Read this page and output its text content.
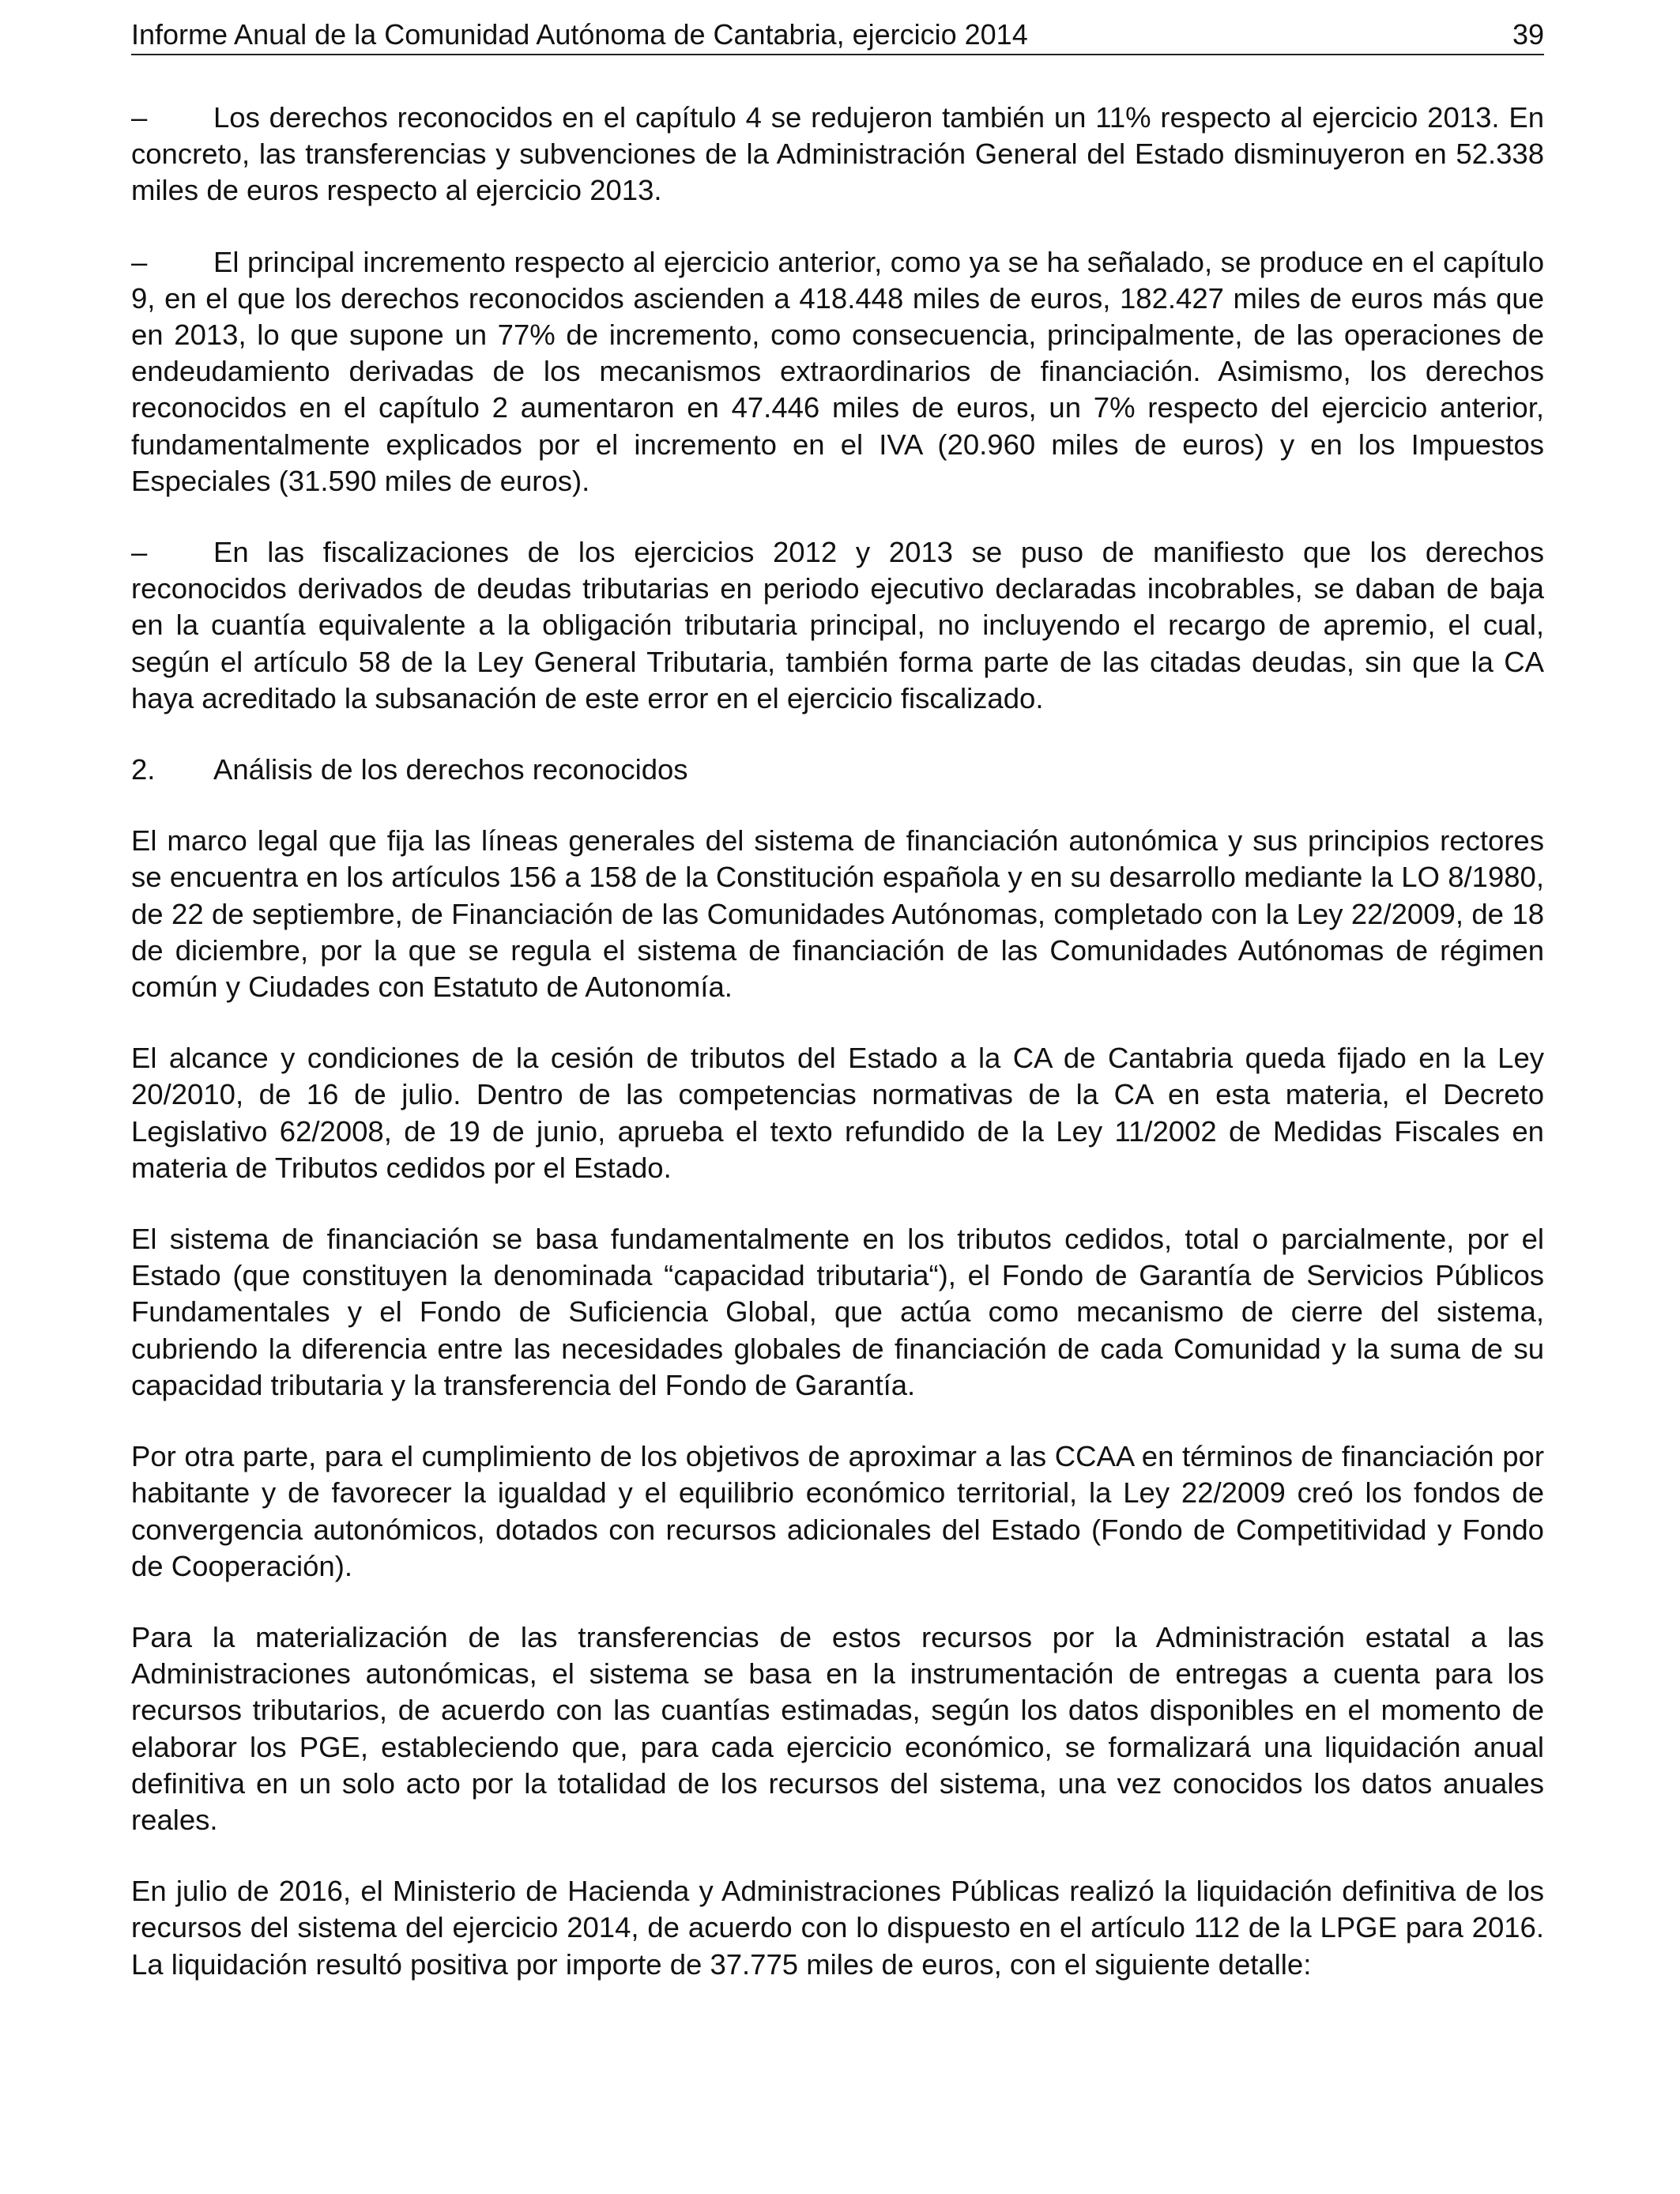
Informe Anual de la Comunidad Autónoma de Cantabria, ejercicio 2014	39

– Los derechos reconocidos en el capítulo 4 se redujeron también un 11% respecto al ejercicio 2013. En concreto, las transferencias y subvenciones de la Administración General del Estado disminuyeron en 52.338 miles de euros respecto al ejercicio 2013.

– El principal incremento respecto al ejercicio anterior, como ya se ha señalado, se produce en el capítulo 9, en el que los derechos reconocidos ascienden a 418.448 miles de euros, 182.427 miles de euros más que en 2013, lo que supone un 77% de incremento, como consecuencia, principalmente, de las operaciones de endeudamiento derivadas de los mecanismos extraordinarios de financiación. Asimismo, los derechos reconocidos en el capítulo 2 aumentaron en 47.446 miles de euros, un 7% respecto del ejercicio anterior, fundamentalmente explicados por el incremento en el IVA (20.960 miles de euros) y en los Impuestos Especiales (31.590 miles de euros).

– En las fiscalizaciones de los ejercicios 2012 y 2013 se puso de manifiesto que los derechos reconocidos derivados de deudas tributarias en periodo ejecutivo declaradas incobrables, se daban de baja en la cuantía equivalente a la obligación tributaria principal, no incluyendo el recargo de apremio, el cual, según el artículo 58 de la Ley General Tributaria, también forma parte de las citadas deudas, sin que la CA haya acreditado la subsanación de este error en el ejercicio fiscalizado.

2. Análisis de los derechos reconocidos

El marco legal que fija las líneas generales del sistema de financiación autonómica y sus principios rectores se encuentra en los artículos 156 a 158 de la Constitución española y en su desarrollo mediante la LO 8/1980, de 22 de septiembre, de Financiación de las Comunidades Autónomas, completado con la Ley 22/2009, de 18 de diciembre, por la que se regula el sistema de financiación de las Comunidades Autónomas de régimen común y Ciudades con Estatuto de Autonomía.

El alcance y condiciones de la cesión de tributos del Estado a la CA de Cantabria queda fijado en la Ley 20/2010, de 16 de julio. Dentro de las competencias normativas de la CA en esta materia, el Decreto Legislativo 62/2008, de 19 de junio, aprueba el texto refundido de la Ley 11/2002 de Medidas Fiscales en materia de Tributos cedidos por el Estado.

El sistema de financiación se basa fundamentalmente en los tributos cedidos, total o parcialmente, por el Estado (que constituyen la denominada “capacidad tributaria“), el Fondo de Garantía de Servicios Públicos Fundamentales y el Fondo de Suficiencia Global, que actúa como mecanismo de cierre del sistema, cubriendo la diferencia entre las necesidades globales de financiación de cada Comunidad y la suma de su capacidad tributaria y la transferencia del Fondo de Garantía.

Por otra parte, para el cumplimiento de los objetivos de aproximar a las CCAA en términos de financiación por habitante y de favorecer la igualdad y el equilibrio económico territorial, la Ley 22/2009 creó los fondos de convergencia autonómicos, dotados con recursos adicionales del Estado (Fondo de Competitividad y Fondo de Cooperación).

Para la materialización de las transferencias de estos recursos por la Administración estatal a las Administraciones autonómicas, el sistema se basa en la instrumentación de entregas a cuenta para los recursos tributarios, de acuerdo con las cuantías estimadas, según los datos disponibles en el momento de elaborar los PGE, estableciendo que, para cada ejercicio económico, se formalizará una liquidación anual definitiva en un solo acto por la totalidad de los recursos del sistema, una vez conocidos los datos anuales reales.

En julio de 2016, el Ministerio de Hacienda y Administraciones Públicas realizó la liquidación definitiva de los recursos del sistema del ejercicio 2014, de acuerdo con lo dispuesto en el artículo 112 de la LPGE para 2016. La liquidación resultó positiva por importe de 37.775 miles de euros, con el siguiente detalle:
